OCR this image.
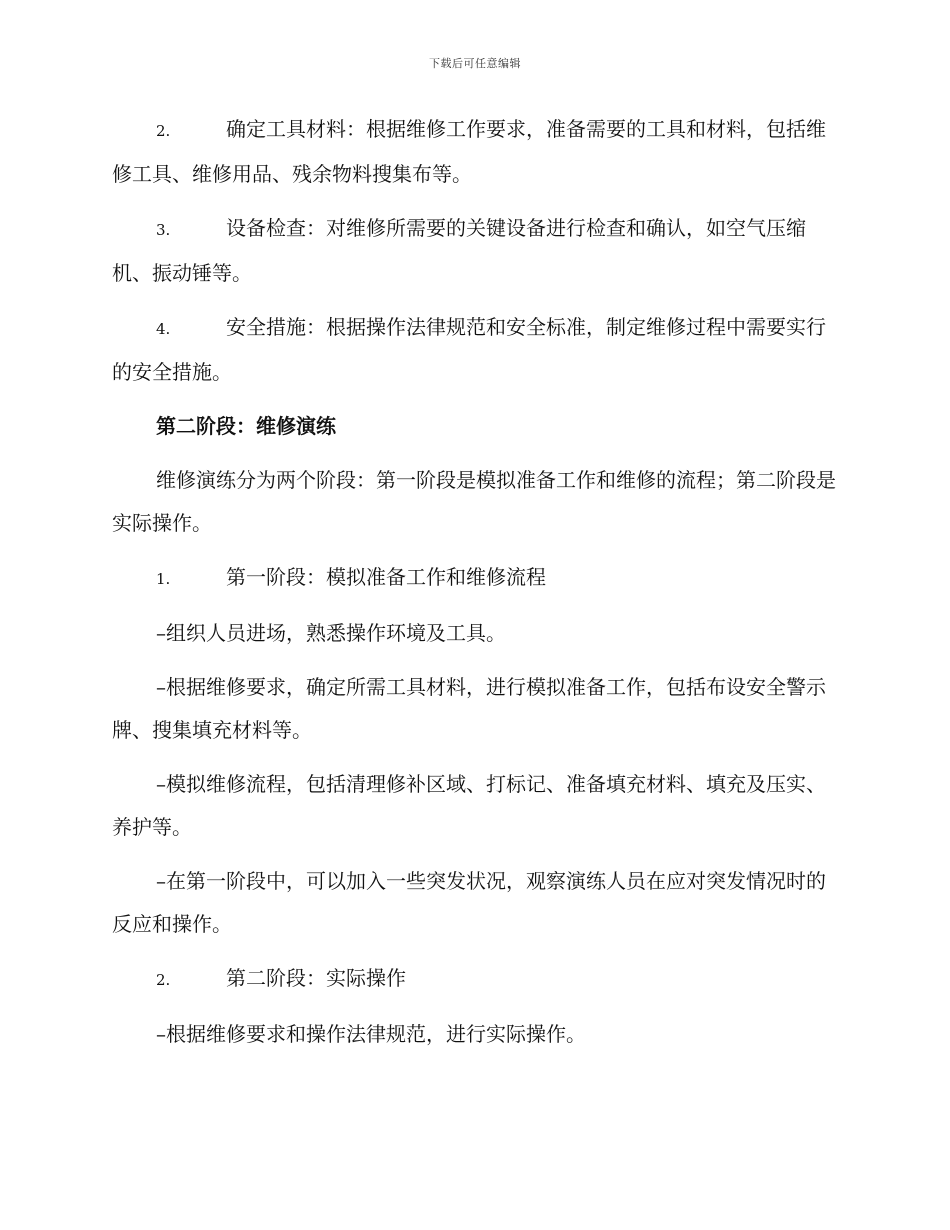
下载后可任意编辑

2.	确定工具材料：根据维修工作要求，准备需要的工具和材料，包括维修工具、维修用品、残余物料搜集布等。

3.	设备检查：对维修所需要的关键设备进行检查和确认，如空气压缩机、振动锤等。

4.	安全措施：根据操作法律规范和安全标准，制定维修过程中需要实行的安全措施。

第二阶段：维修演练

维修演练分为两个阶段：第一阶段是模拟准备工作和维修的流程；第二阶段是实际操作。

1.	第一阶段：模拟准备工作和维修流程

–组织人员进场，熟悉操作环境及工具。

–根据维修要求，确定所需工具材料，进行模拟准备工作，包括布设安全警示牌、搜集填充材料等。

–模拟维修流程，包括清理修补区域、打标记、准备填充材料、填充及压实、养护等。

–在第一阶段中，可以加入一些突发状况，观察演练人员在应对突发情况时的反应和操作。

2.	第二阶段：实际操作

–根据维修要求和操作法律规范，进行实际操作。
